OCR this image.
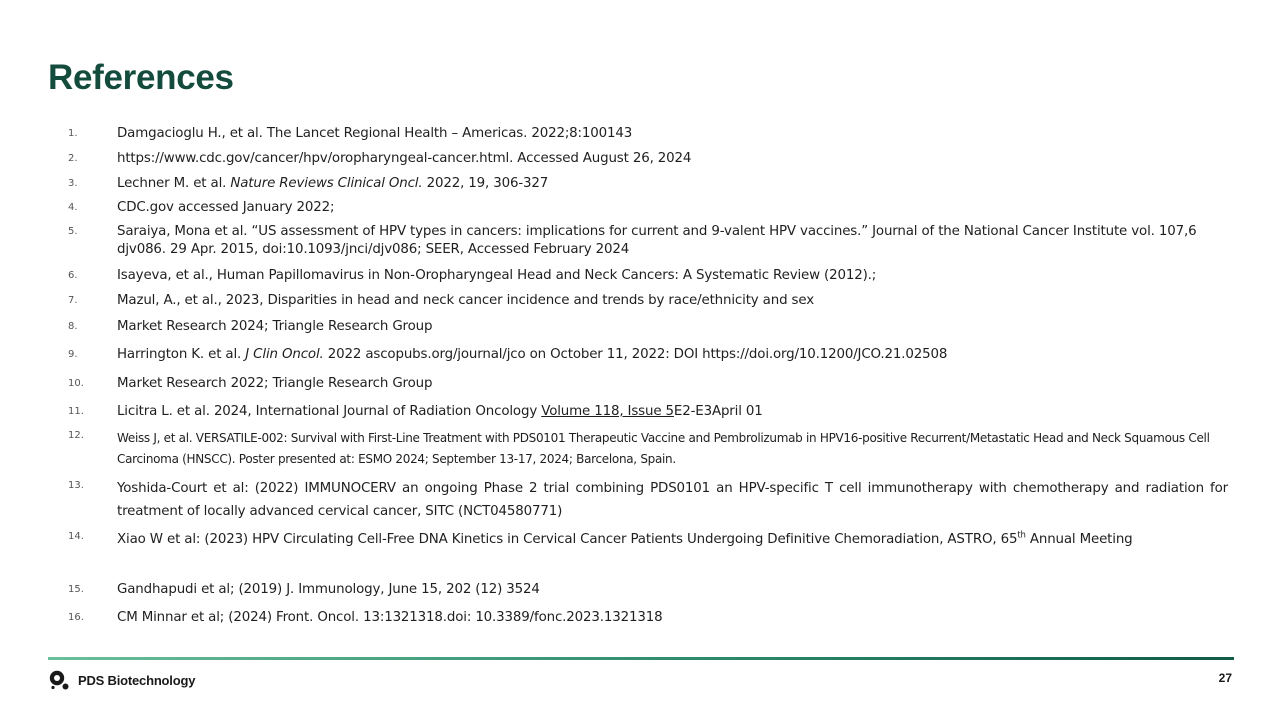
References
1.	Damgacioglu H., et al. The Lancet Regional Health – Americas. 2022;8:100143
2.	https://www.cdc.gov/cancer/hpv/oropharyngeal-cancer.html. Accessed August 26, 2024
3.	Lechner M. et al. Nature Reviews Clinical Oncl. 2022, 19, 306-327
4.	CDC.gov accessed January 2022;
5.	Saraiya, Mona et al. “US assessment of HPV types in cancers: implications for current and 9-valent HPV vaccines.” Journal of the National Cancer Institute vol. 107,6 djv086. 29 Apr. 2015, doi:10.1093/jnci/djv086; SEER, Accessed February 2024
6.	Isayeva, et al., Human Papillomavirus in Non-Oropharyngeal Head and Neck Cancers: A Systematic Review (2012).;
7.	Mazul, A., et al., 2023, Disparities in head and neck cancer incidence and trends by race/ethnicity and sex
8.	Market Research 2024; Triangle Research Group
9.	Harrington K. et al. J Clin Oncol. 2022 ascopubs.org/journal/jco on October 11, 2022: DOI https://doi.org/10.1200/JCO.21.02508
10.	Market Research 2022; Triangle Research Group
11.	Licitra L. et al. 2024, International Journal of Radiation Oncology Volume 118, Issue 5E2-E3April 01
12.	Weiss J, et al. VERSATILE-002: Survival with First-Line Treatment with PDS0101 Therapeutic Vaccine and Pembrolizumab in HPV16-positive Recurrent/Metastatic Head and Neck Squamous Cell Carcinoma (HNSCC). Poster presented at: ESMO 2024; September 13-17, 2024; Barcelona, Spain.
13.	Yoshida-Court et al: (2022) IMMUNOCERV an ongoing Phase 2 trial combining PDS0101 an HPV-specific T cell immunotherapy with chemotherapy and radiation for treatment of locally advanced cervical cancer, SITC (NCT04580771)
14.	Xiao W et al: (2023) HPV Circulating Cell-Free DNA Kinetics in Cervical Cancer Patients Undergoing Definitive Chemoradiation, ASTRO, 65th Annual Meeting
15.	Gandhapudi et al; (2019) J. Immunology, June 15, 202 (12) 3524
16.	CM Minnar et al; (2024) Front. Oncol. 13:1321318.doi: 10.3389/fonc.2023.1321318
PDS Biotechnology	27
